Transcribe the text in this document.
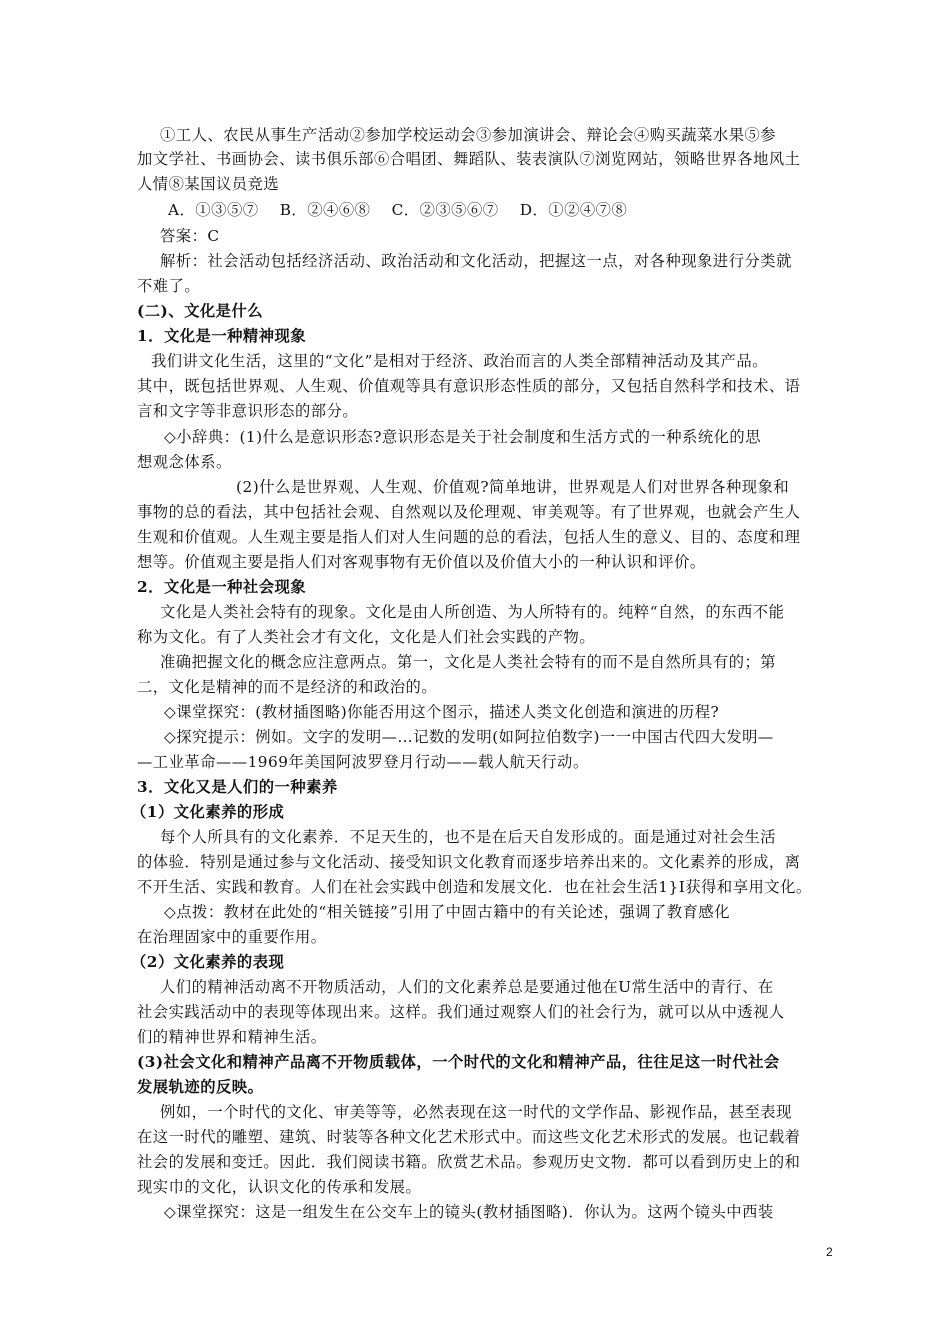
2
①工人、农民从事生产活动②参加学校运动会③参加演讲会、辩论会④购买蔬菜水果⑤参
加文学社、书画协会、读书俱乐部⑥合唱团、舞蹈队、装表演队⑦浏览网站，领略世界各地风土
人情⑧某国议员竞选
A．①③⑤⑦　 B．②④⑥⑧　 C．②③⑤⑥⑦　 D．①②④⑦⑧
答案：C
解析：社会活动包括经济活动、政治活动和文化活动，把握这一点，对各种现象进行分类就
不难了。
(二)、文化是什么
1．文化是一种精神现象
我们讲文化生活，这里的“文化”是相对于经济、政治而言的人类全部精神活动及其产品。
其中，既包括世界观、人生观、价值观等具有意识形态性质的部分，又包括自然科学和技术、语
言和文字等非意识形态的部分。
◇小辞典：(1)什么是意识形态?意识形态是关于社会制度和生活方式的一种系统化的思
想观念体系。
(2)什么是世界观、人生观、价值观?简单地讲，世界观是人们对世界各种现象和
事物的总的看法，其中包括社会观、自然观以及伦理观、审美观等。有了世界观，也就会产生人
生观和价值观。人生观主要是指人们对人生问题的总的看法，包括人生的意义、目的、态度和理
想等。价值观主要是指人们对客观事物有无价值以及价值大小的一种认识和评价。
2．文化是一种社会现象
文化是人类社会特有的现象。文化是由人所创造、为人所特有的。纯粹“自然，的东西不能
称为文化。有了人类社会才有文化，文化是人们社会实践的产物。
准确把握文化的概念应注意两点。第一，文化是人类社会特有的而不是自然所具有的；第
二，文化是精神的而不是经济的和政治的。
◇课堂探究：(教材插图略)你能否用这个图示，描述人类文化创造和演进的历程?
◇探究提示：例如。文字的发明—…记数的发明(如阿拉伯数字)一一中国古代四大发明—
—工业革命——1969年美国阿波罗登月行动——载人航天行动。
3．文化又是人们的一种素养
（1）文化素养的形成
每个人所具有的文化素养．不足天生的，也不是在后天自发形成的。面是通过对社会生活
的体验．特别是通过参与文化活动、接受知识文化教育而逐步培养出来的。文化素养的形成，离
不开生活、实践和教育。人们在社会实践中创造和发展文化．也在社会生活1}I获得和享用文化。
◇点拨：教材在此处的“相关链接”引用了中固古籍中的有关论述，强调了教育感化
在治理固家中的重要作用。
（2）文化素养的表现
人们的精神活动离不开物质活动，人们的文化素养总是要通过他在U常生活中的青行、在
社会实践活动中的表现等体现出来。这样。我们通过观察人们的社会行为，就可以从中透视人
们的精神世界和精神生活。
(3)社会文化和精神产品离不开物质载体，一个时代的文化和精神产品，往往足这一时代社会
发展轨迹的反映。
例如，一个时代的文化、审美等等，必然表现在这一时代的文学作品、影视作品，甚至表现
在这一时代的雕塑、建筑、时装等各种文化艺术形式中。而这些文化艺术形式的发展。也记载着
社会的发展和变迁。因此．我们阅读书籍。欣赏艺术品。参观历史文物．都可以看到历史上的和
现实巾的文化，认识文化的传承和发展。
◇课堂探究：这是一组发生在公交车上的镜头(教材插图略)．你认为。这两个镜头中西装
